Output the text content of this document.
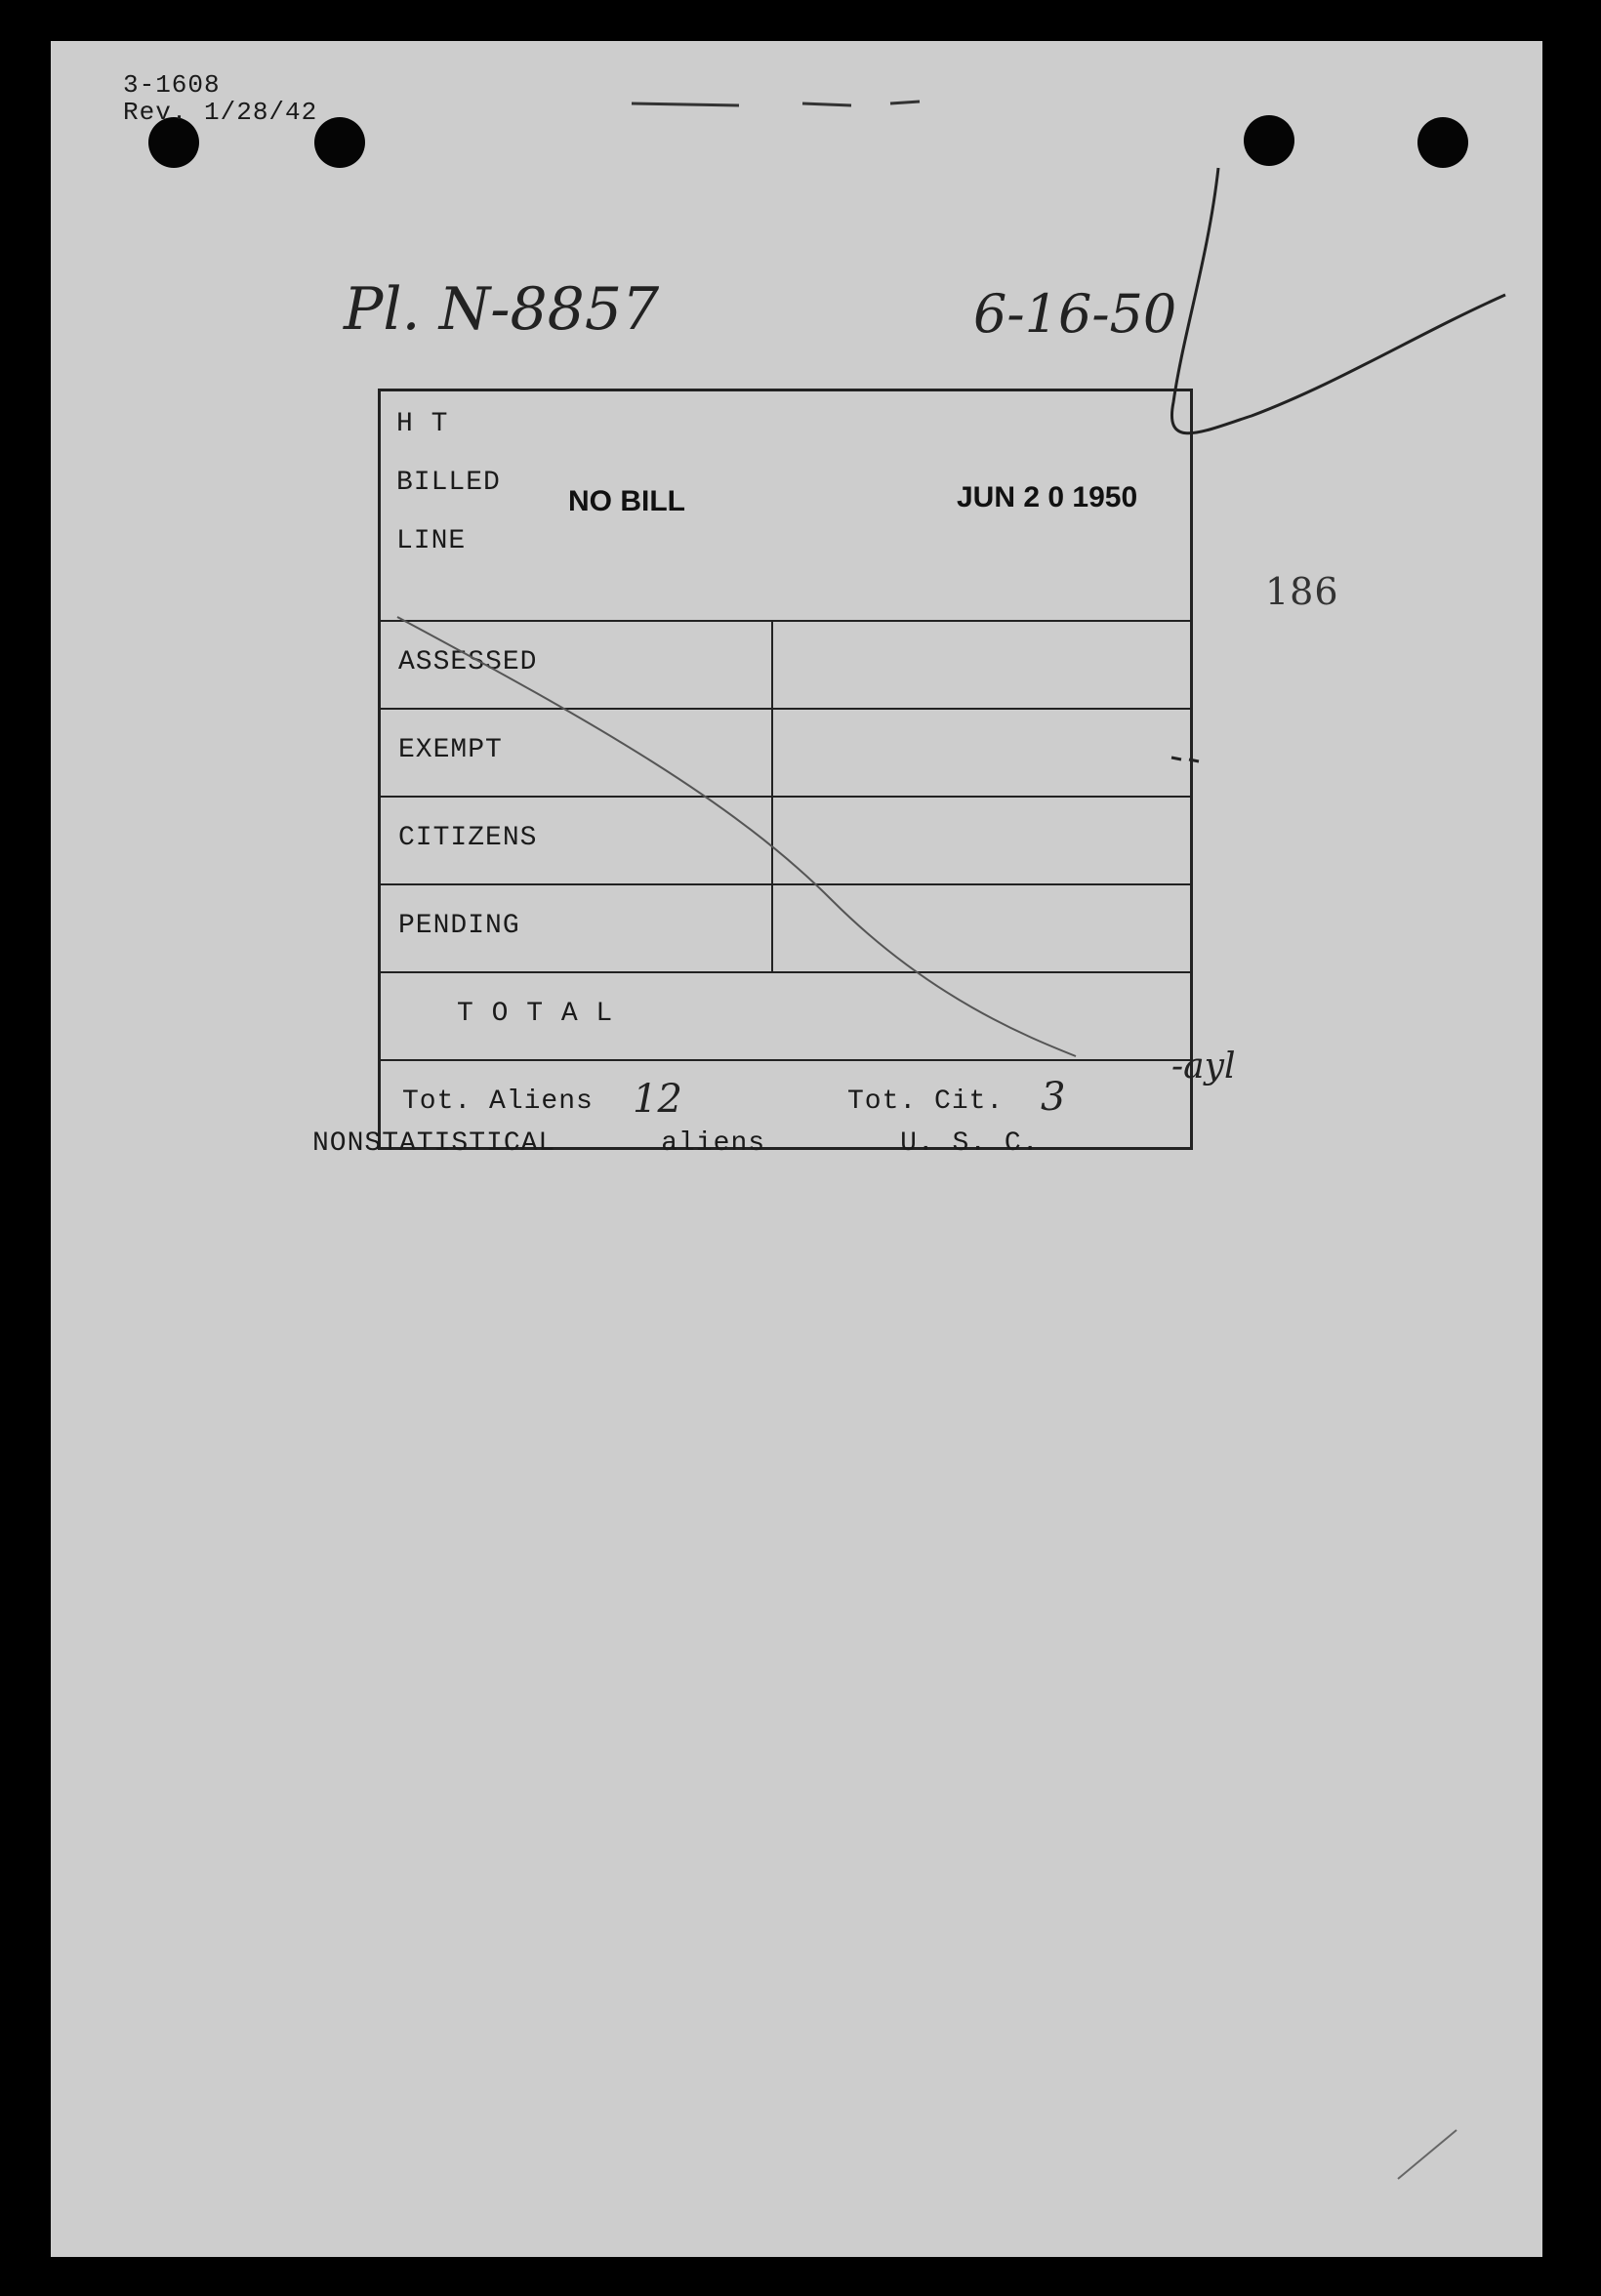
3-1608
Rev. 1/28/42
Pl. N-8857	6-16-50
186
H T
BILLED
LINE
NO BILL	JUN 2 0 1950
ASSESSED
EXEMPT
CITIZENS
PENDING
T O T A L
Tot. Aliens 12	Tot. Cit. 3
-ayl
NONSTATISTICAL	aliens	U. S. C.
